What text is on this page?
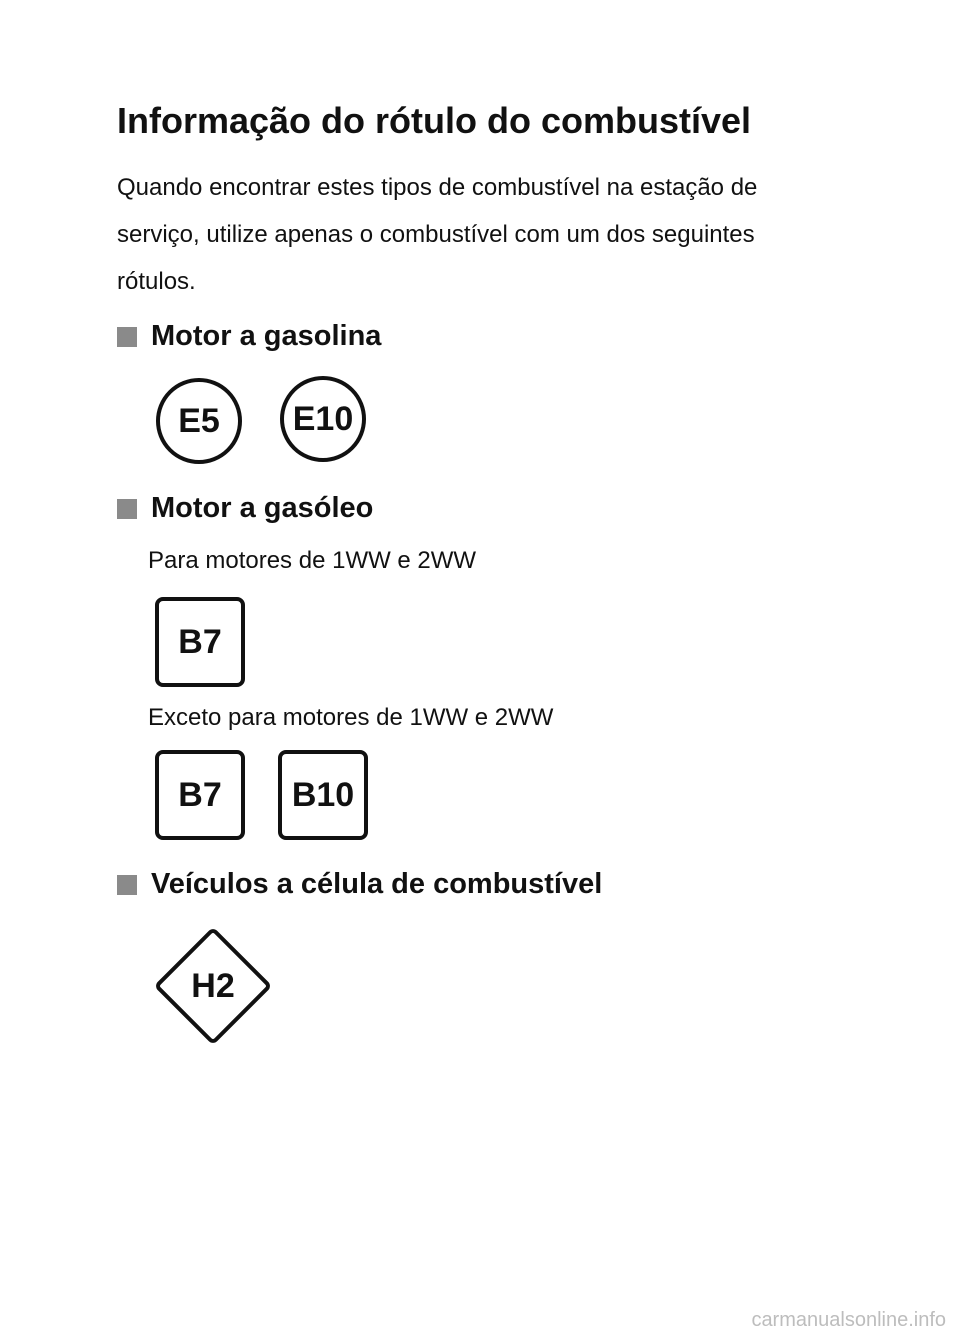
Informação do rótulo do combustível
Quando encontrar estes tipos de combustível na estação de
serviço, utilize apenas o combustível com um dos seguintes
rótulos.
Motor a gasolina
E5 E10
Motor a gasóleo

Para motores de 1WW e 2WW

B7

Exceto para motores de 1WW e 2WW

B7 B10
Veículos a célula de combustível
H2
carmanualsonline.info
